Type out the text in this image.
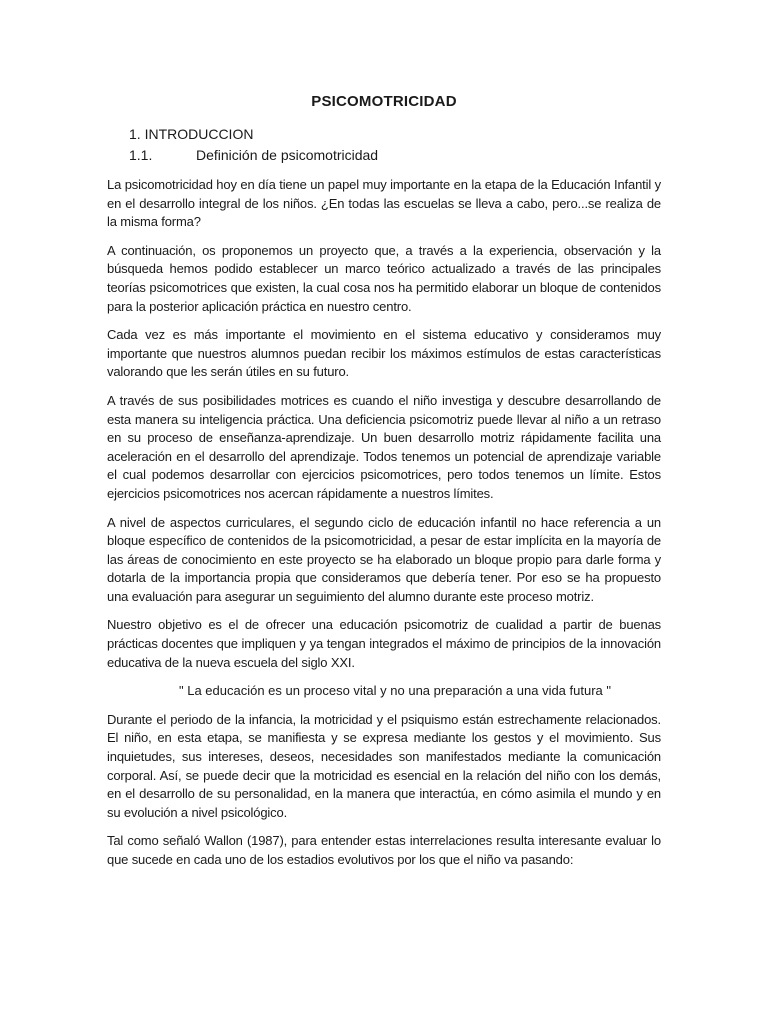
PSICOMOTRICIDAD
1. INTRODUCCION
1.1.	Definición de psicomotricidad

La psicomotricidad hoy en día tiene un papel muy importante en la etapa de la Educación Infantil y en el desarrollo integral de los niños. ¿En todas las escuelas se lleva a cabo, pero...se realiza de la misma forma?

A continuación, os proponemos un proyecto que, a través a la experiencia, observación y la búsqueda hemos podido establecer un marco teórico actualizado a través de las principales teorías psicomotrices que existen, la cual cosa nos ha permitido elaborar un bloque de contenidos para la posterior aplicación práctica en nuestro centro.

Cada vez es más importante el movimiento en el sistema educativo y consideramos muy importante que nuestros alumnos puedan recibir los máximos estímulos de estas características valorando que les serán útiles en su futuro.

A través de sus posibilidades motrices es cuando el niño investiga y descubre desarrollando de esta manera su inteligencia práctica. Una deficiencia psicomotriz puede llevar al niño a un retraso en su proceso de enseñanza-aprendizaje. Un buen desarrollo motriz rápidamente facilita una aceleración en el desarrollo del aprendizaje. Todos tenemos un potencial de aprendizaje variable el cual podemos desarrollar con ejercicios psicomotrices, pero todos tenemos un límite. Estos ejercicios psicomotrices nos acercan rápidamente a nuestros límites.

A nivel de aspectos curriculares, el segundo ciclo de educación infantil no hace referencia a un bloque específico de contenidos de la psicomotricidad, a pesar de estar implícita en la mayoría de las áreas de conocimiento en este proyecto se ha elaborado un bloque propio para darle forma y dotarla de la importancia propia que consideramos que debería tener. Por eso se ha propuesto una evaluación para asegurar un seguimiento del alumno durante este proceso motriz.

Nuestro objetivo es el de ofrecer una educación psicomotriz de cualidad a partir de buenas prácticas docentes que impliquen y ya tengan integrados el máximo de principios de la innovación educativa de la nueva escuela del siglo XXI.

" La educación es un proceso vital y no una preparación a una vida futura "

Durante el periodo de la infancia, la motricidad y el psiquismo están estrechamente relacionados. El niño, en esta etapa, se manifiesta y se expresa mediante los gestos y el movimiento. Sus inquietudes, sus intereses, deseos, necesidades son manifestados mediante la comunicación corporal. Así, se puede decir que la motricidad es esencial en la relación del niño con los demás, en el desarrollo de su personalidad, en la manera que interactúa, en cómo asimila el mundo y en su evolución a nivel psicológico.

Tal como señaló Wallon (1987), para entender estas interrelaciones resulta interesante evaluar lo que sucede en cada uno de los estadios evolutivos por los que el niño va pasando:
